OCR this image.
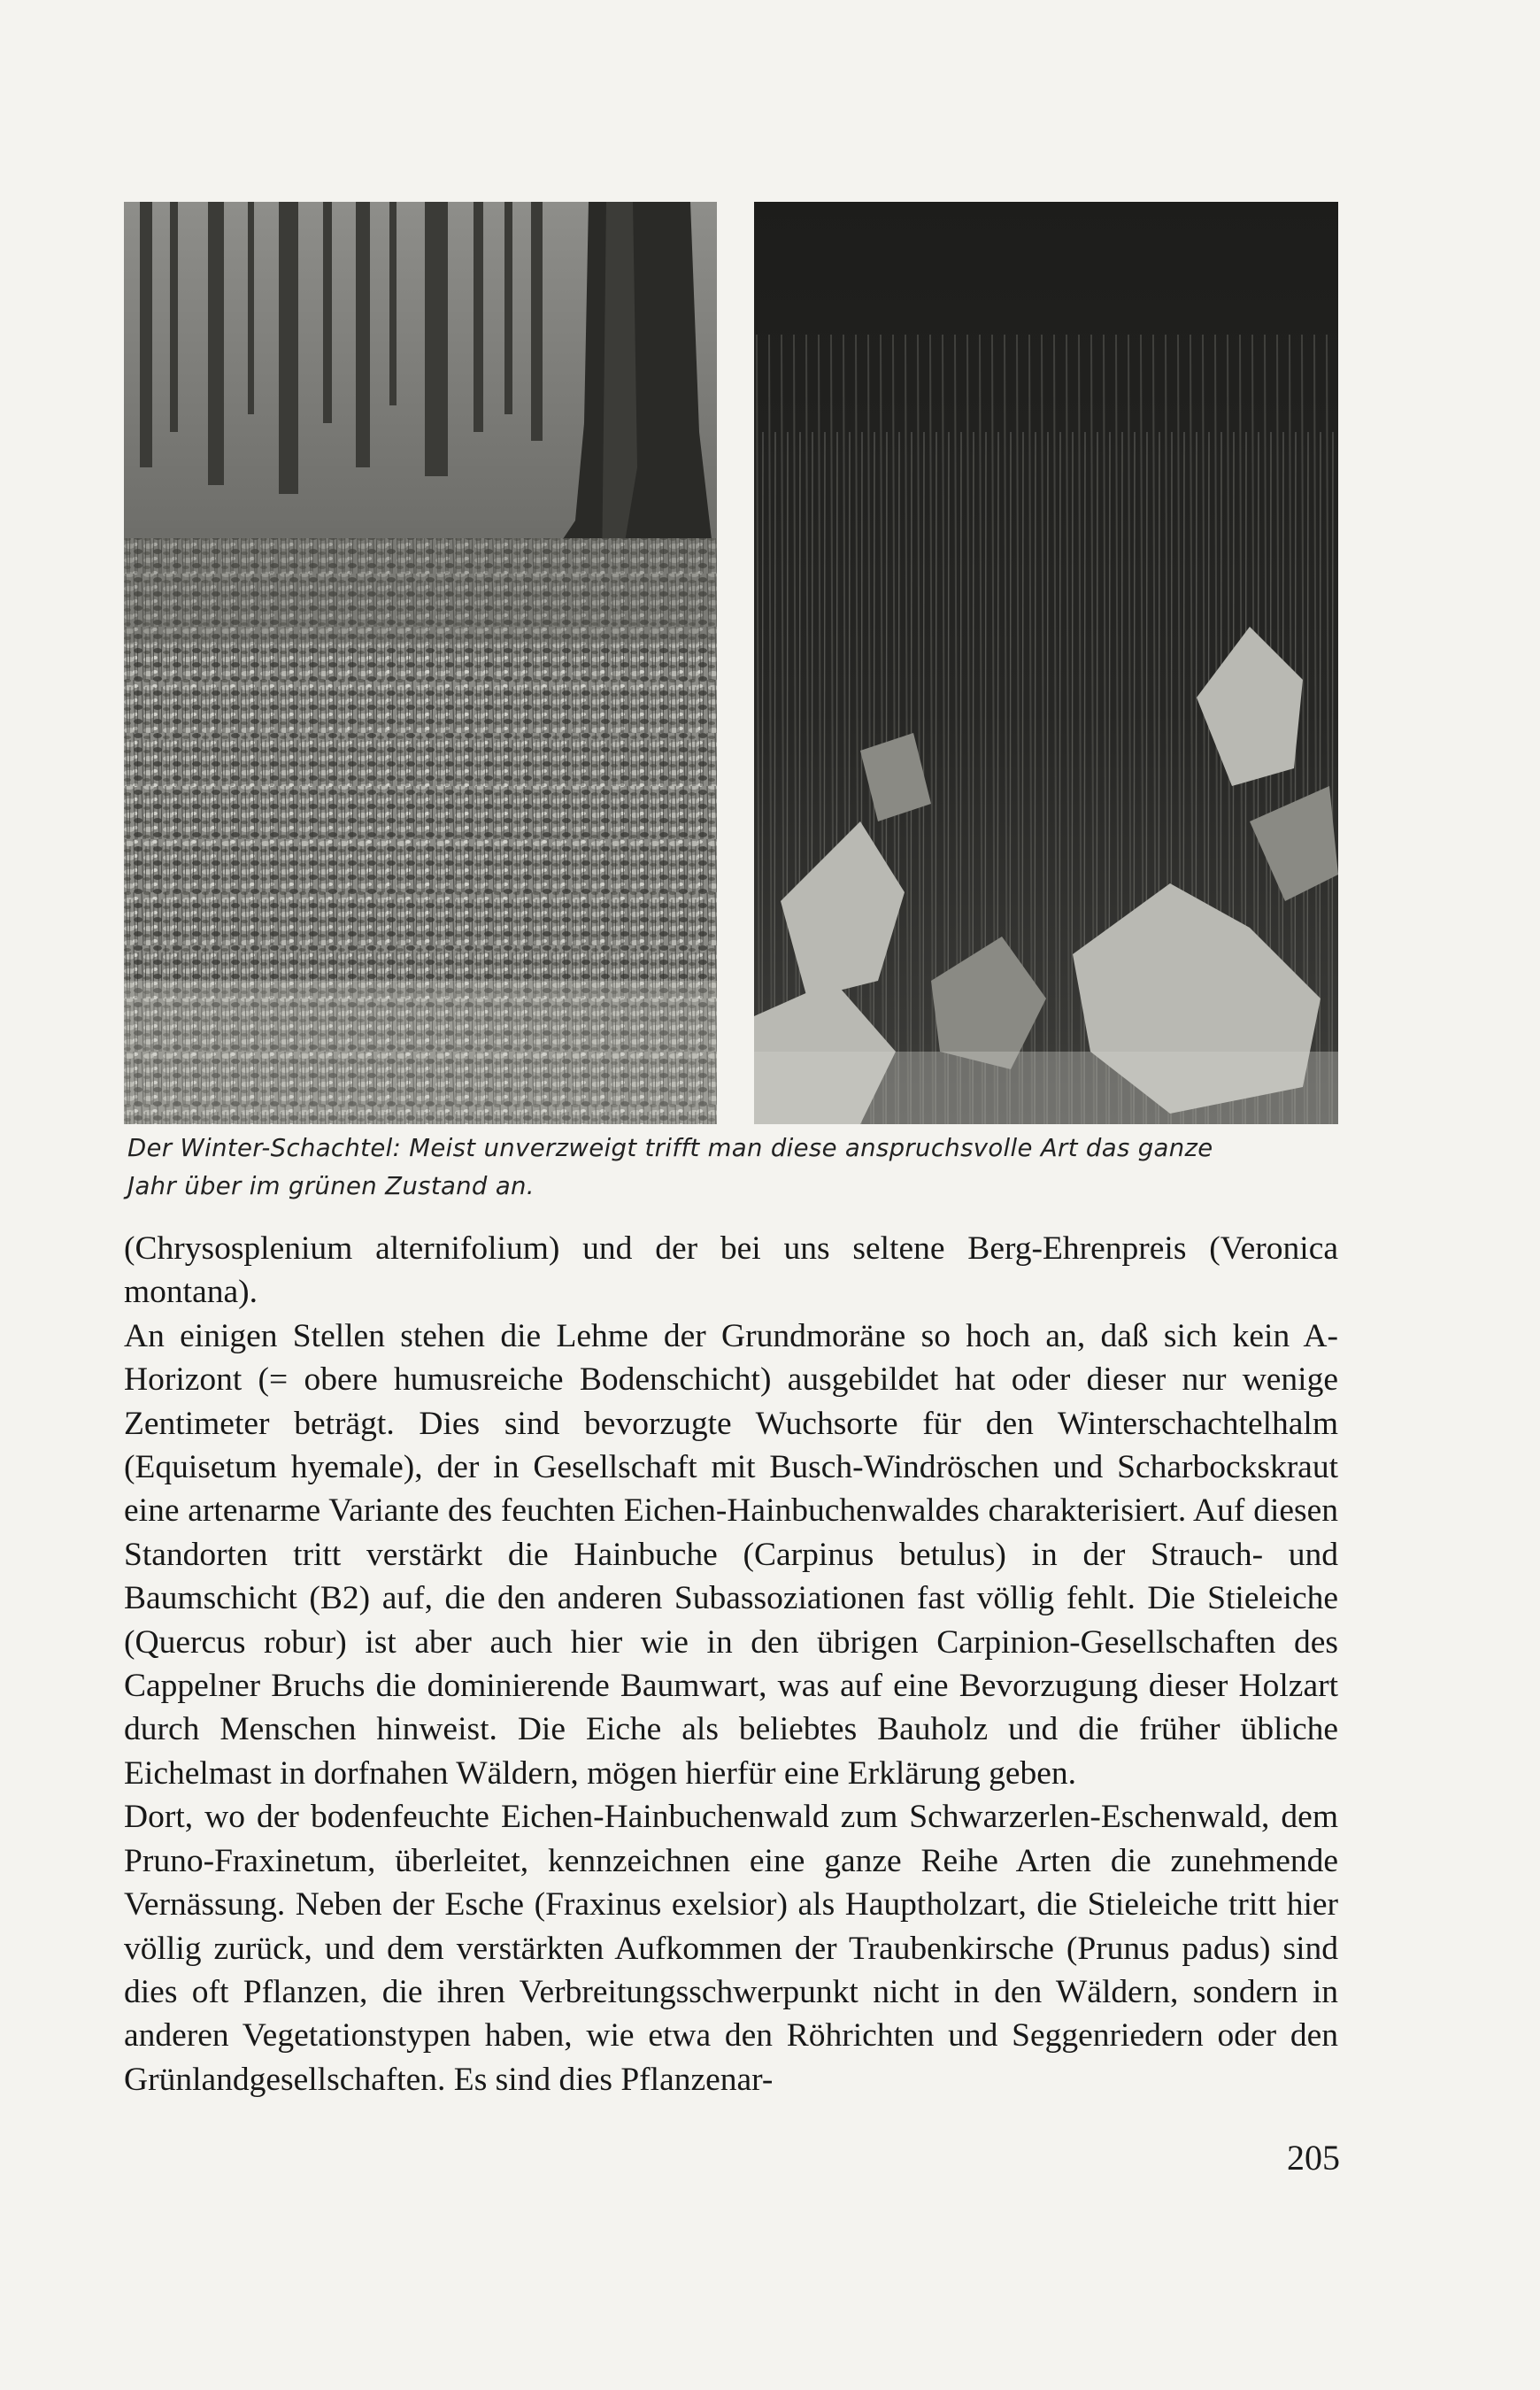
Der Winter-Schachtel: Meist unverzweigt trifft man diese anspruchsvolle Art das ganze
Jahr über im grünen Zustand an.

(Chrysosplenium alternifolium) und der bei uns seltene Berg-Ehrenpreis (Veronica montana).

An einigen Stellen stehen die Lehme der Grundmoräne so hoch an, daß sich kein A-Horizont (= obere humusreiche Bodenschicht) ausgebildet hat oder dieser nur wenige Zentimeter beträgt. Dies sind bevorzugte Wuchsorte für den Winterschachtelhalm (Equisetum hyemale), der in Gesellschaft mit Busch-Windröschen und Scharbockskraut eine artenarme Variante des feuchten Eichen-Hainbuchenwaldes charakterisiert. Auf diesen Standorten tritt verstärkt die Hainbuche (Carpinus betulus) in der Strauch- und Baumschicht (B2) auf, die den anderen Subassoziationen fast völlig fehlt. Die Stieleiche (Quercus robur) ist aber auch hier wie in den übrigen Carpinion-Gesellschaften des Cappelner Bruchs die dominierende Baumwart, was auf eine Bevorzugung dieser Holzart durch Menschen hinweist. Die Eiche als beliebtes Bauholz und die früher übliche Eichelmast in dorfnahen Wäldern, mögen hierfür eine Erklärung geben.

Dort, wo der bodenfeuchte Eichen-Hainbuchenwald zum Schwarzerlen-Eschenwald, dem Pruno-Fraxinetum, überleitet, kennzeichnen eine ganze Reihe Arten die zunehmende Vernässung. Neben der Esche (Fraxinus exelsior) als Hauptholzart, die Stieleiche tritt hier völlig zurück, und dem verstärkten Aufkommen der Traubenkirsche (Prunus padus) sind dies oft Pflanzen, die ihren Verbreitungsschwerpunkt nicht in den Wäldern, sondern in anderen Vegetationstypen haben, wie etwa den Röhrichten und Seggenriedern oder den Grünlandgesellschaften. Es sind dies Pflanzenar-

205
